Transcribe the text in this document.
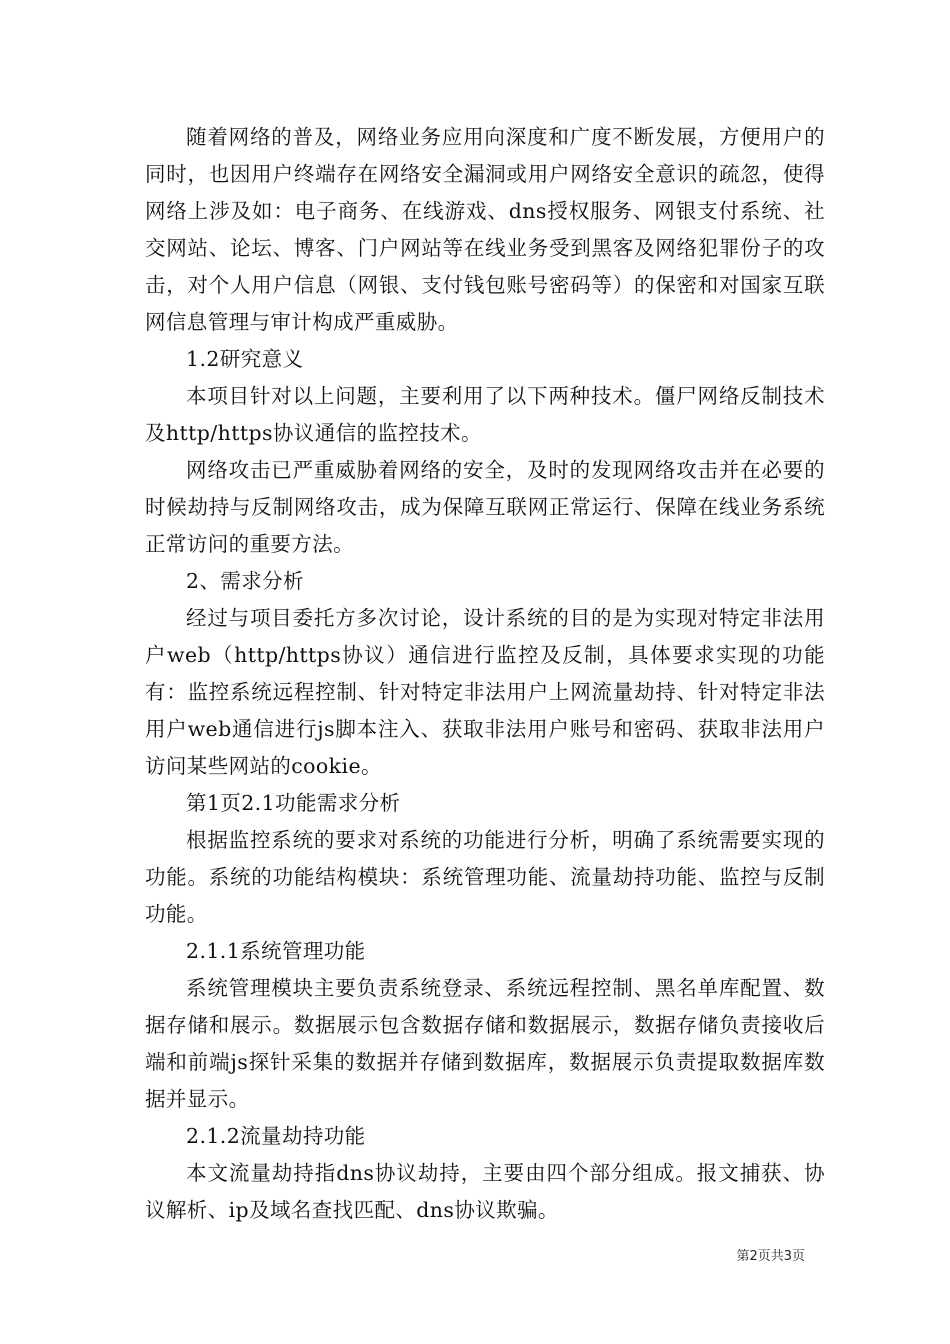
随着网络的普及，网络业务应用向深度和广度不断发展，方便用户的同时，也因用户终端存在网络安全漏洞或用户网络安全意识的疏忽，使得网络上涉及如：电子商务、在线游戏、dns授权服务、网银支付系统、社交网站、论坛、博客、门户网站等在线业务受到黑客及网络犯罪份子的攻击，对个人用户信息（网银、支付钱包账号密码等）的保密和对国家互联网信息管理与审计构成严重威胁。

1.2研究意义

本项目针对以上问题，主要利用了以下两种技术。僵尸网络反制技术及http/https协议通信的监控技术。

网络攻击已严重威胁着网络的安全，及时的发现网络攻击并在必要的时候劫持与反制网络攻击，成为保障互联网正常运行、保障在线业务系统正常访问的重要方法。

2、需求分析

经过与项目委托方多次讨论，设计系统的目的是为实现对特定非法用户web（http/https协议）通信进行监控及反制，具体要求实现的功能有：监控系统远程控制、针对特定非法用户上网流量劫持、针对特定非法用户web通信进行js脚本注入、获取非法用户账号和密码、获取非法用户访问某些网站的cookie。

第1页2.1功能需求分析

根据监控系统的要求对系统的功能进行分析，明确了系统需要实现的功能。系统的功能结构模块：系统管理功能、流量劫持功能、监控与反制功能。

2.1.1系统管理功能

系统管理模块主要负责系统登录、系统远程控制、黑名单库配置、数据存储和展示。数据展示包含数据存储和数据展示，数据存储负责接收后端和前端js探针采集的数据并存储到数据库，数据展示负责提取数据库数据并显示。

2.1.2流量劫持功能

本文流量劫持指dns协议劫持，主要由四个部分组成。报文捕获、协议解析、ip及域名查找匹配、dns协议欺骗。

第2页共3页
